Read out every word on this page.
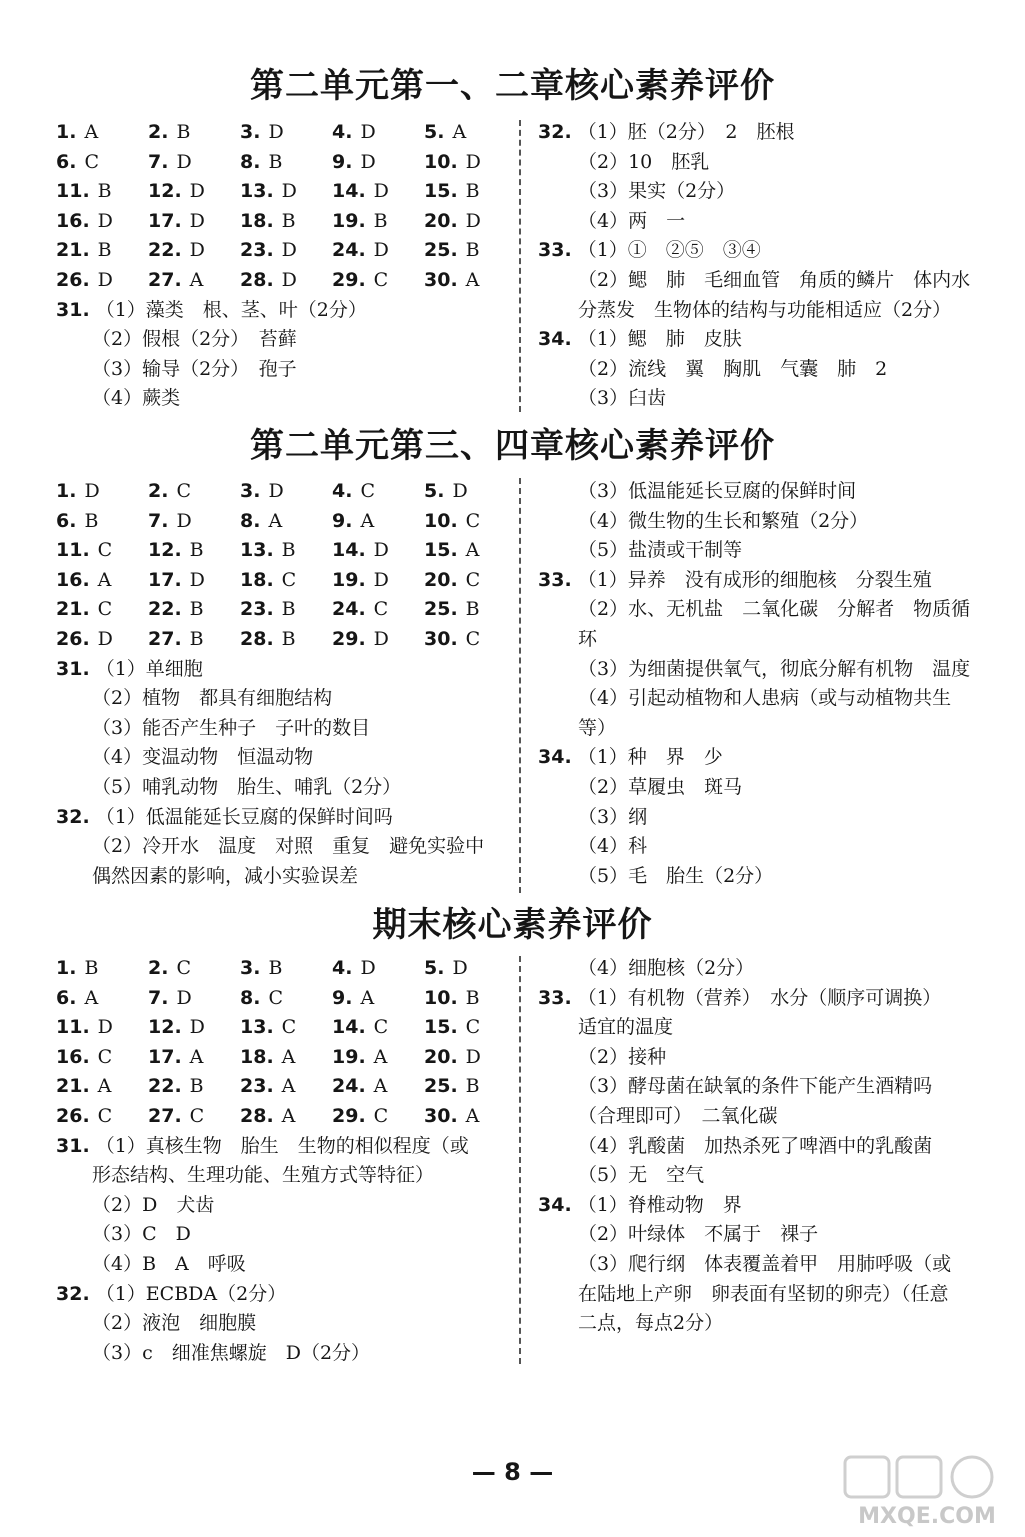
第二单元第一、二章核心素养评价
1. A	2. B	3. D	4. D	5. A
6. C	7. D	8. B	9. D	10. D
11. B 12. D 13. D 14. D 15. B
16. D 17. D 18. B 19. B 20. D
21. B 22. D 23. D 24. D 25. B
26. D 27. A 28. D 29. C 30. A
31. （1）藻类　根、茎、叶（2分）
（2）假根（2分）　苔藓
（3）输导（2分）　孢子
（4）蕨类
32. （1）胚（2分）　2　胚根
（2）10　胚乳
（3）果实（2分）
（4）两　一
33. （1）①　②⑤　③④
（2）鳃　肺　毛细血管　角质的鳞片　体内水
分蒸发　生物体的结构与功能相适应（2分）
34. （1）鳃　肺　皮肤
（2）流线　翼　胸肌　气囊　肺　2
（3）臼齿
第二单元第三、四章核心素养评价
1. D	2. C	3. D	4. C	5. D
6. B	7. D	8. A	9. A	10. C
11. C 12. B 13. B 14. D 15. A
16. A 17. D 18. C 19. D 20. C
21. C 22. B 23. B 24. C 25. B
26. D 27. B 28. B 29. D 30. C
31. （1）单细胞
（2）植物　都具有细胞结构
（3）能否产生种子　子叶的数目
（4）变温动物　恒温动物
（5）哺乳动物　胎生、哺乳（2分）
32. （1）低温能延长豆腐的保鲜时间吗
（2）冷开水　温度　对照　重复　避免实验中
偶然因素的影响，减小实验误差
（3）低温能延长豆腐的保鲜时间
（4）微生物的生长和繁殖（2分）
（5）盐渍或干制等
33. （1）异养　没有成形的细胞核　分裂生殖
（2）水、无机盐　二氧化碳　分解者　物质循
环
（3）为细菌提供氧气，彻底分解有机物　温度
（4）引起动植物和人患病（或与动植物共生
等）
34. （1）种　界　少
（2）草履虫　斑马
（3）纲
（4）科
（5）毛　胎生（2分）
期末核心素养评价
1. B	2. C	3. B	4. D	5. D
6. A	7. D	8. C	9. A	10. B
11. D 12. D 13. C 14. C 15. C
16. C 17. A 18. A 19. A 20. D
21. A 22. B 23. A 24. A 25. B
26. C 27. C 28. A 29. C 30. A
31. （1）真核生物　胎生　生物的相似程度（或
形态结构、生理功能、生殖方式等特征）
（2）D　犬齿
（3）C　D
（4）B　A　呼吸
32. （1）ECBDA（2分）
（2）液泡　细胞膜
（3）c　细准焦螺旋　D（2分）
（4）细胞核（2分）
33. （1）有机物（营养）　水分（顺序可调换）
适宜的温度
（2）接种
（3）酵母菌在缺氧的条件下能产生酒精吗
（合理即可）　二氧化碳
（4）乳酸菌　加热杀死了啤酒中的乳酸菌
（5）无　空气
34. （1）脊椎动物　界
（2）叶绿体　不属于　裸子
（3）爬行纲　体表覆盖着甲　用肺呼吸（或
在陆地上产卵　卵表面有坚韧的卵壳）（任意
二点，每点2分）
— 8 —
MXQE.COM
